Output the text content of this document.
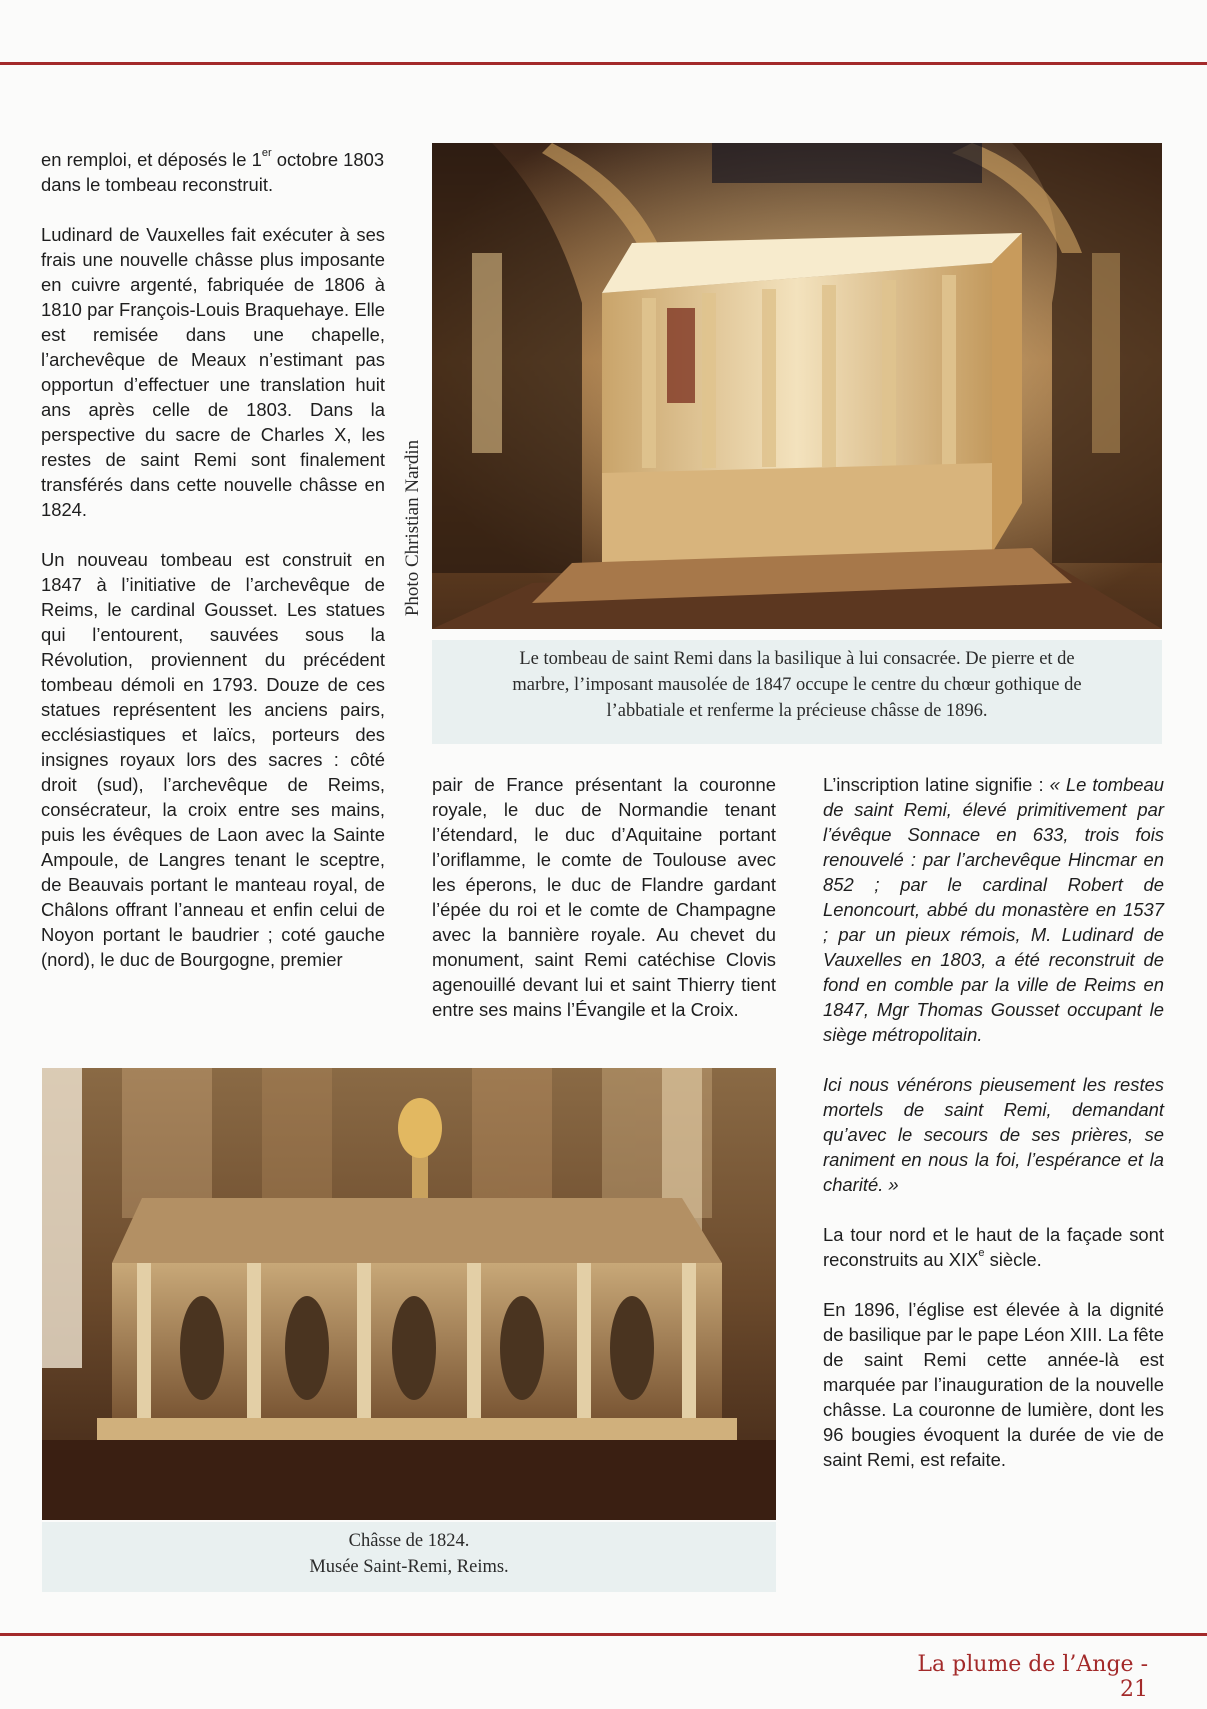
en remploi, et déposés le 1er octobre 1803 dans le tombeau reconstruit.

Ludinard de Vauxelles fait exécuter à ses frais une nouvelle châsse plus imposante en cuivre argenté, fabriquée de 1806 à 1810 par François-Louis Braquehaye. Elle est remisée dans une chapelle, l’archevêque de Meaux n’estimant pas opportun d’effectuer une translation huit ans après celle de 1803. Dans la perspective du sacre de Charles X, les restes de saint Remi sont finalement transférés dans cette nouvelle châsse en 1824.

Un nouveau tombeau est construit en 1847 à l’initiative de l’archevêque de Reims, le cardinal Gousset. Les statues qui l’entourent, sauvées sous la Révolution, proviennent du précédent tombeau démoli en 1793. Douze de ces statues représentent les anciens pairs, ecclésiastiques et laïcs, porteurs des insignes royaux lors des sacres : côté droit (sud), l’archevêque de Reims, consécrateur, la croix entre ses mains, puis les évêques de Laon avec la Sainte Ampoule, de Langres tenant le sceptre, de Beauvais portant le manteau royal, de Châlons offrant l’anneau et enfin celui de Noyon portant le baudrier ; coté gauche (nord), le duc de Bourgogne, premier

Photo Christian Nardin
Le tombeau de saint Remi dans la basilique à lui consacrée. De pierre et de
marbre, l’imposant mausolée de 1847 occupe le centre du chœur gothique de
l’abbatiale et renferme la précieuse châsse de 1896.

pair de France présentant la couronne royale, le duc de Normandie tenant l’étendard, le duc d’Aquitaine portant l’oriflamme, le comte de Toulouse avec les éperons, le duc de Flandre gardant l’épée du roi et le comte de Champagne avec la bannière royale. Au chevet du monument, saint Remi catéchise Clovis agenouillé devant lui et saint Thierry tient entre ses mains l’Évangile et la Croix.

L’inscription latine signifie : « Le tombeau de saint Remi, élevé primitivement par l’évêque Sonnace en 633, trois fois renouvelé : par l’archevêque Hincmar en 852 ; par le cardinal Robert de Lenoncourt, abbé du monastère en 1537 ; par un pieux rémois, M. Ludinard de Vauxelles en 1803, a été reconstruit de fond en comble par la ville de Reims en 1847, Mgr Thomas Gousset occupant le siège métropolitain.

Ici nous vénérons pieusement les restes mortels de saint Remi, demandant qu’avec le secours de ses prières, se raniment en nous la foi, l’espérance et la charité. »

La tour nord et le haut de la façade sont reconstruits au XIXe siècle.

En 1896, l’église est élevée à la dignité de basilique par le pape Léon XIII. La fête de saint Remi cette année-là est marquée par l’inauguration de la nouvelle châsse. La couronne de lumière, dont les 96 bougies évoquent la durée de vie de saint Remi, est refaite.

Châsse de 1824.
Musée Saint-Remi, Reims.
La plume de l’Ange - 21
